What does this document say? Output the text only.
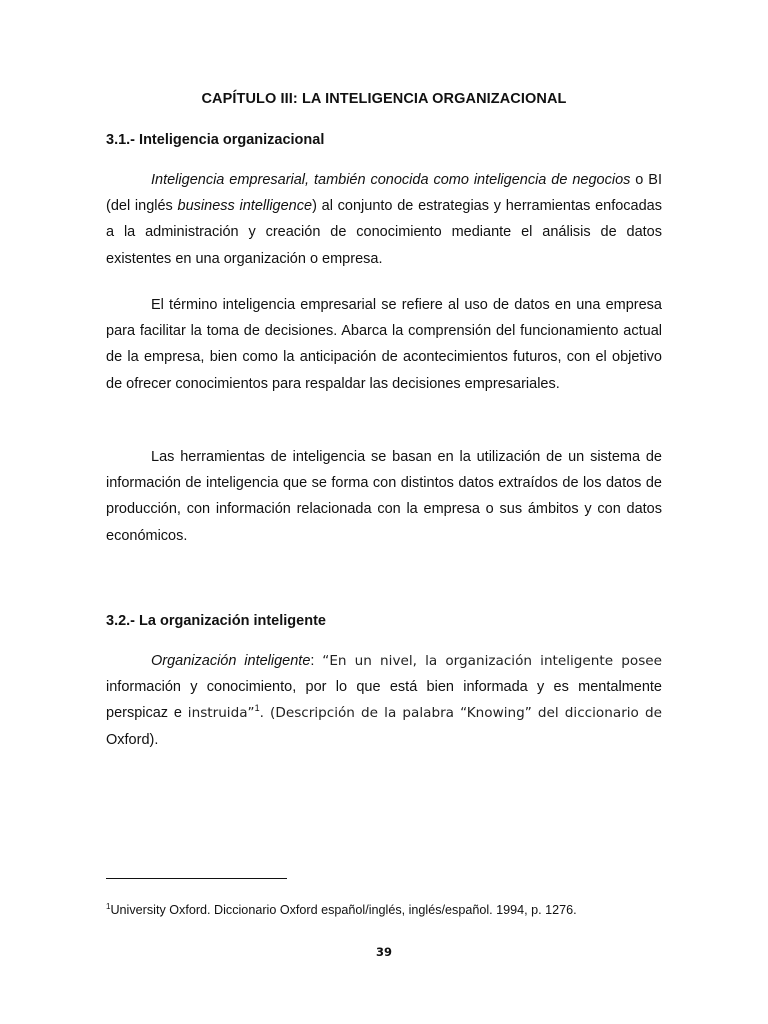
CAPÍTULO III: LA INTELIGENCIA ORGANIZACIONAL
3.1.- Inteligencia organizacional

Inteligencia empresarial, también conocida como inteligencia de negocios o BI (del inglés business intelligence) al conjunto de estrategias y herramientas enfocadas a la administración y creación de conocimiento mediante el análisis de datos existentes en una organización o empresa.

El término inteligencia empresarial se refiere al uso de datos en una empresa para facilitar la toma de decisiones. Abarca la comprensión del funcionamiento actual de la empresa, bien como la anticipación de acontecimientos futuros, con el objetivo de ofrecer conocimientos para respaldar las decisiones empresariales.

Las herramientas de inteligencia se basan en la utilización de un sistema de información de inteligencia que se forma con distintos datos extraídos de los datos de producción, con información relacionada con la empresa o sus ámbitos y con datos económicos.

3.2.- La organización inteligente

Organización inteligente: “En un nivel, la organización inteligente posee información y conocimiento, por lo que está bien informada y es mentalmente perspicaz e instruida”$^1$. (Descripción de la palabra “Knowing” del diccionario de Oxford).

$^1$University Oxford. Diccionario Oxford español/inglés, inglés/español. 1994, p. 1276.
39
